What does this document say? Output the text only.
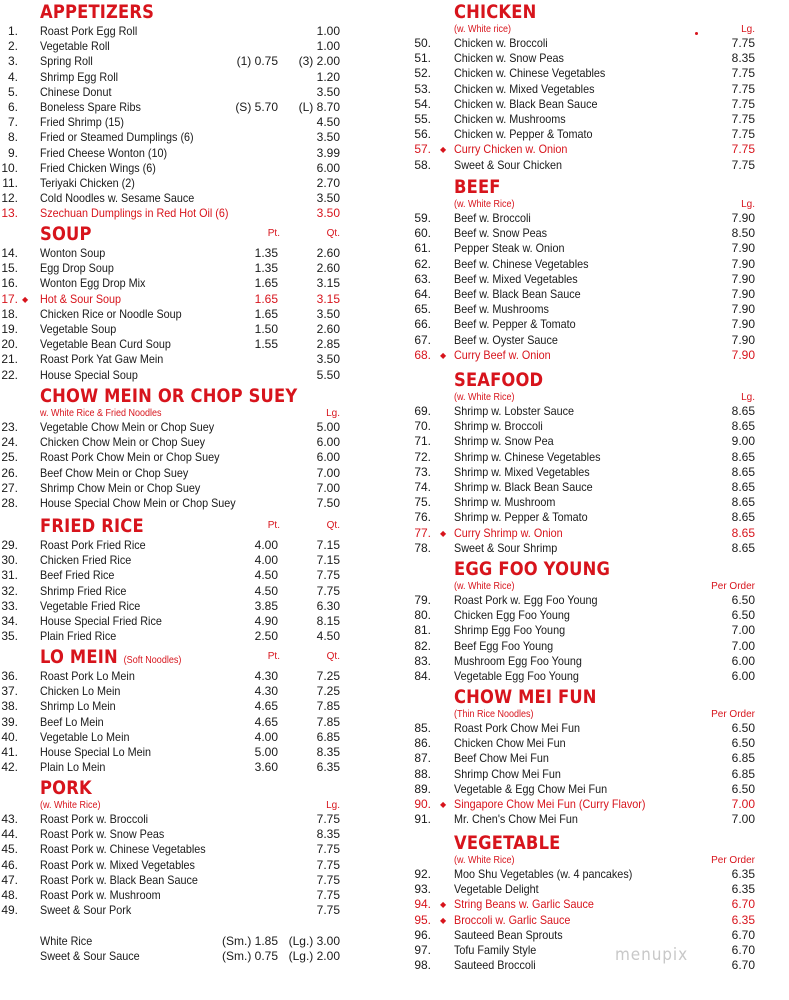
APPETIZERS
1. Roast Pork Egg Roll	1.00
2. Vegetable Roll	1.00
3. Spring Roll	(1) 0.75 (3) 2.00
4. Shrimp Egg Roll	1.20
5. Chinese Donut	3.50
6. Boneless Spare Ribs	(S) 5.70 (L) 8.70
7. Fried Shrimp (15)	4.50
8. Fried or Steamed Dumplings (6)	3.50
9. Fried Cheese Wonton (10)	3.99
10. Fried Chicken Wings (6)	6.00
11. Teriyaki Chicken (2)	2.70
12. Cold Noodles w. Sesame Sauce	3.50
13. Szechuan Dumplings in Red Hot Oil (6)	3.50
SOUP	Pt.	Qt.
14. Wonton Soup	1.35	2.60
15. Egg Drop Soup	1.35	2.60
16. Wonton Egg Drop Mix	1.65	3.15
17. ◆ Hot & Sour Soup	1.65	3.15
18. Chicken Rice or Noodle Soup	1.65	3.50
19. Vegetable Soup	1.50	2.60
20. Vegetable Bean Curd Soup	1.55	2.85
21. Roast Pork Yat Gaw Mein	3.50
22. House Special Soup	5.50
CHOW MEIN OR CHOP SUEY
w. White Rice & Fried Noodles	Lg.
23. Vegetable Chow Mein or Chop Suey	5.00
24. Chicken Chow Mein or Chop Suey	6.00
25. Roast Pork Chow Mein or Chop Suey	6.00
26. Beef Chow Mein or Chop Suey	7.00
27. Shrimp Chow Mein or Chop Suey	7.00
28. House Special Chow Mein or Chop Suey	7.50
FRIED RICE	Pt.	Qt.
29. Roast Pork Fried Rice	4.00	7.15
30. Chicken Fried Rice	4.00	7.15
31. Beef Fried Rice	4.50	7.75
32. Shrimp Fried Rice	4.50	7.75
33. Vegetable Fried Rice	3.85	6.30
34. House Special Fried Rice	4.90	8.15
35. Plain Fried Rice	2.50	4.50
LO MEIN (Soft Noodles)	Pt.	Qt.
36. Roast Pork Lo Mein	4.30	7.25
37. Chicken Lo Mein	4.30	7.25
38. Shrimp Lo Mein	4.65	7.85
39. Beef Lo Mein	4.65	7.85
40. Vegetable Lo Mein	4.00	6.85
41. House Special Lo Mein	5.00	8.35
42. Plain Lo Mein	3.60	6.35
PORK
(w. White Rice)	Lg.
43. Roast Pork w. Broccoli	7.75
44. Roast Pork w. Snow Peas	8.35
45. Roast Pork w. Chinese Vegetables	7.75
46. Roast Pork w. Mixed Vegetables	7.75
47. Roast Pork w. Black Bean Sauce	7.75
48. Roast Pork w. Mushroom	7.75
49. Sweet & Sour Pork	7.75
White Rice	(Sm.) 1.85 (Lg.) 3.00
Sweet & Sour Sauce	(Sm.) 0.75 (Lg.) 2.00
CHICKEN
(w. White rice)	Lg.
50. Chicken w. Broccoli	7.75
51. Chicken w. Snow Peas	8.35
52. Chicken w. Chinese Vegetables	7.75
53. Chicken w. Mixed Vegetables	7.75
54. Chicken w. Black Bean Sauce	7.75
55. Chicken w. Mushrooms	7.75
56. Chicken w. Pepper & Tomato	7.75
57. ◆ Curry Chicken w. Onion	7.75
58. Sweet & Sour Chicken	7.75
BEEF
(w. White Rice)	Lg.
59. Beef w. Broccoli	7.90
60. Beef w. Snow Peas	8.50
61. Pepper Steak w. Onion	7.90
62. Beef w. Chinese Vegetables	7.90
63. Beef w. Mixed Vegetables	7.90
64. Beef w. Black Bean Sauce	7.90
65. Beef w. Mushrooms	7.90
66. Beef w. Pepper & Tomato	7.90
67. Beef w. Oyster Sauce	7.90
68. ◆ Curry Beef w. Onion	7.90
SEAFOOD
(w. White Rice)	Lg.
69. Shrimp w. Lobster Sauce	8.65
70. Shrimp w. Broccoli	8.65
71. Shrimp w. Snow Pea	9.00
72. Shrimp w. Chinese Vegetables	8.65
73. Shrimp w. Mixed Vegetables	8.65
74. Shrimp w. Black Bean Sauce	8.65
75. Shrimp w. Mushroom	8.65
76. Shrimp w. Pepper & Tomato	8.65
77. ◆ Curry Shrimp w. Onion	8.65
78. Sweet & Sour Shrimp	8.65
EGG FOO YOUNG
(w. White Rice)	Per Order
79. Roast Pork w. Egg Foo Young	6.50
80. Chicken Egg Foo Young	6.50
81. Shrimp Egg Foo Young	7.00
82. Beef Egg Foo Young	7.00
83. Mushroom Egg Foo Young	6.00
84. Vegetable Egg Foo Young	6.00
CHOW MEI FUN
(Thin Rice Noodles)	Per Order
85. Roast Pork Chow Mei Fun	6.50
86. Chicken Chow Mei Fun	6.50
87. Beef Chow Mei Fun	6.85
88. Shrimp Chow Mei Fun	6.85
89. Vegetable & Egg Chow Mei Fun	6.50
90. ◆ Singapore Chow Mei Fun (Curry Flavor)	7.00
91. Mr. Chen's Chow Mei Fun	7.00
VEGETABLE
(w. White Rice)	Per Order
92. Moo Shu Vegetables (w. 4 pancakes)	6.35
93. Vegetable Delight	6.35
94. ◆ String Beans w. Garlic Sauce	6.70
95. ◆ Broccoli w. Garlic Sauce	6.35
96. Sauteed Bean Sprouts	6.70
97. Tofu Family Style	6.70
98. Sauteed Broccoli	6.70
menupix
